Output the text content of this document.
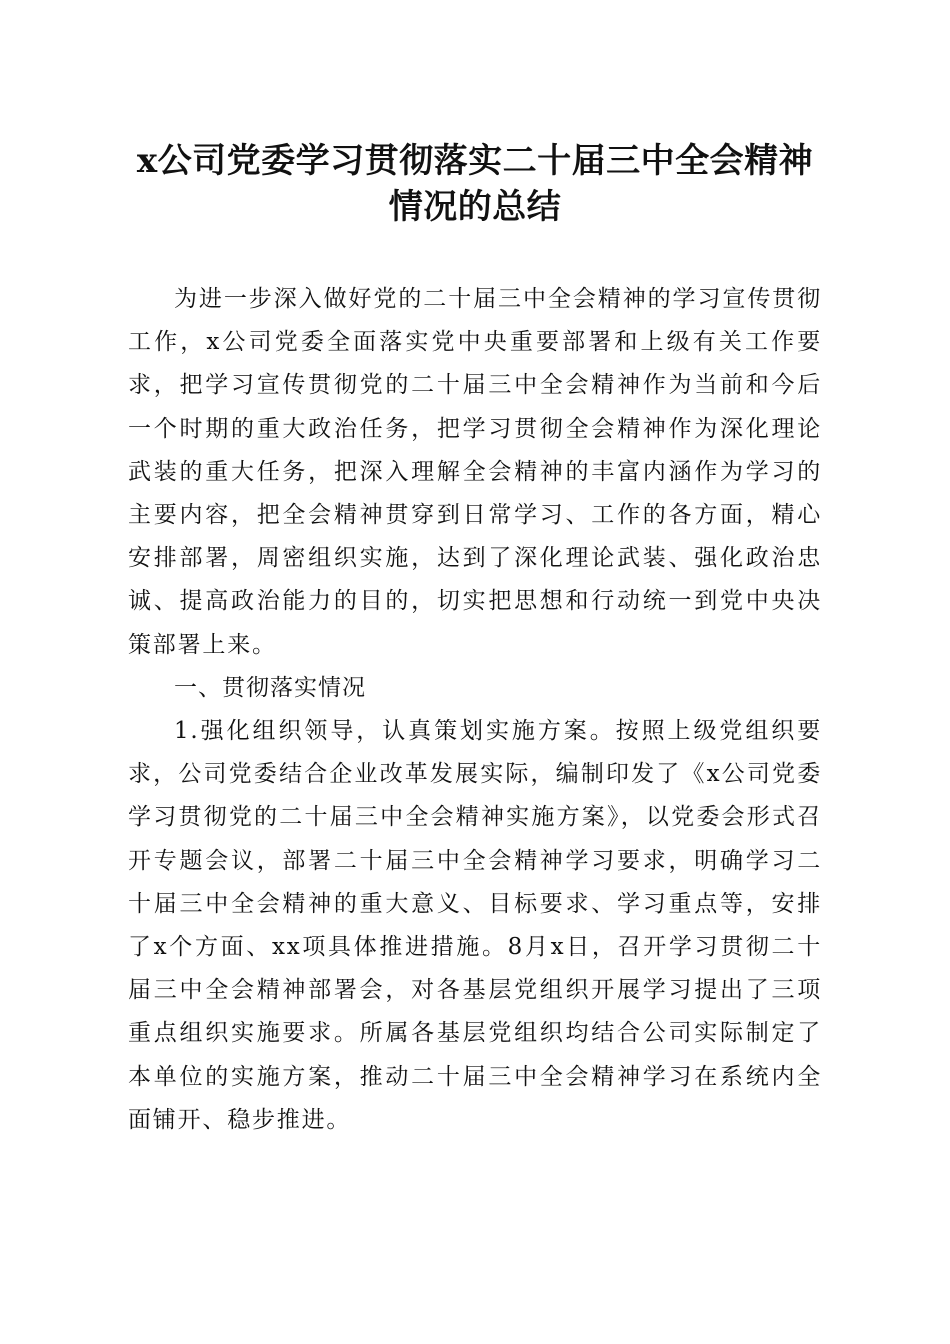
x公司党委学习贯彻落实二十届三中全会精神
情况的总结

为进一步深入做好党的二十届三中全会精神的学习宣传贯彻工作，x公司党委全面落实党中央重要部署和上级有关工作要求，把学习宣传贯彻党的二十届三中全会精神作为当前和今后一个时期的重大政治任务，把学习贯彻全会精神作为深化理论武装的重大任务，把深入理解全会精神的丰富内涵作为学习的主要内容，把全会精神贯穿到日常学习、工作的各方面，精心安排部署，周密组织实施，达到了深化理论武装、强化政治忠诚、提高政治能力的目的，切实把思想和行动统一到党中央决策部署上来。

一、贯彻落实情况

1.强化组织领导，认真策划实施方案。按照上级党组织要求，公司党委结合企业改革发展实际，编制印发了《x公司党委学习贯彻党的二十届三中全会精神实施方案》，以党委会形式召开专题会议，部署二十届三中全会精神学习要求，明确学习二十届三中全会精神的重大意义、目标要求、学习重点等，安排了x个方面、xx项具体推进措施。8月x日，召开学习贯彻二十届三中全会精神部署会，对各基层党组织开展学习提出了三项重点组织实施要求。所属各基层党组织均结合公司实际制定了本单位的实施方案，推动二十届三中全会精神学习在系统内全面铺开、稳步推进。
